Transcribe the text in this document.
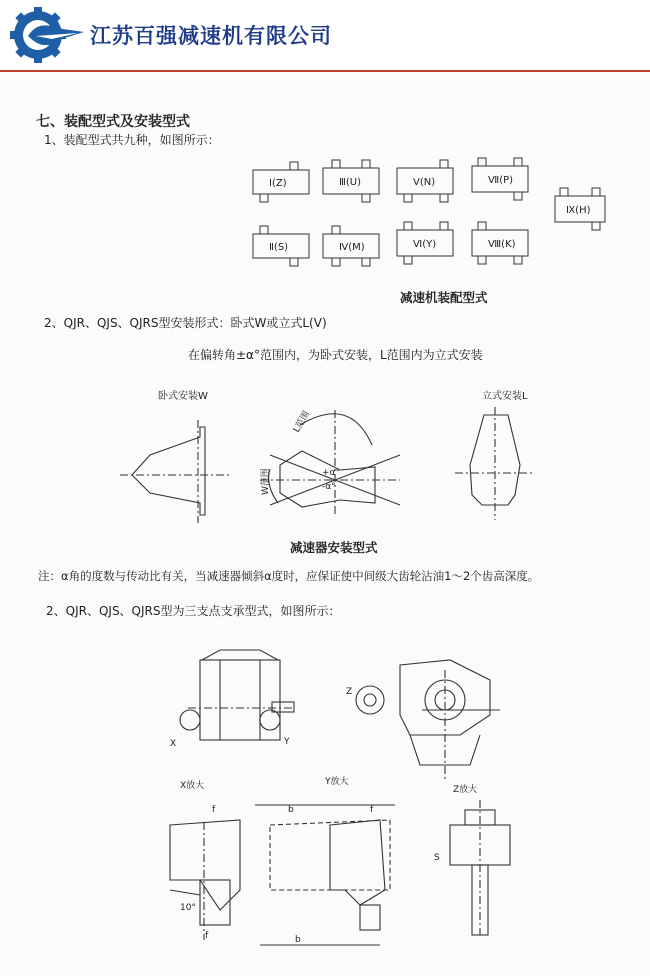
江苏百强减速机有限公司
七、装配型式及安装型式
1、装配型式共九种，如图所示：
Ⅰ(Z)	Ⅲ(U)	Ⅴ(N)	Ⅶ(P)
Ⅸ(H)
Ⅱ(S)	Ⅳ(M)	Ⅵ(Y)	Ⅷ(K)
减速机装配型式
2、QJR、QJS、QJRS型安装形式：卧式W或立式L(V)
在偏转角±α°范围内，为卧式安装，L范围内为立式安装
卧式安装W	立式安装L
L范围
W范围	+α°
-α°
减速器安装型式
注：α角的度数与传动比有关，当减速器倾斜α度时，应保证使中间级大齿轮沾油1～2个齿高深度。
2、QJR、QJS、QJRS型为三支点支承型式，如图所示：
X	Y
Z
X放大	Y放大
Z放大
f	b	f
10°
f	b
S
